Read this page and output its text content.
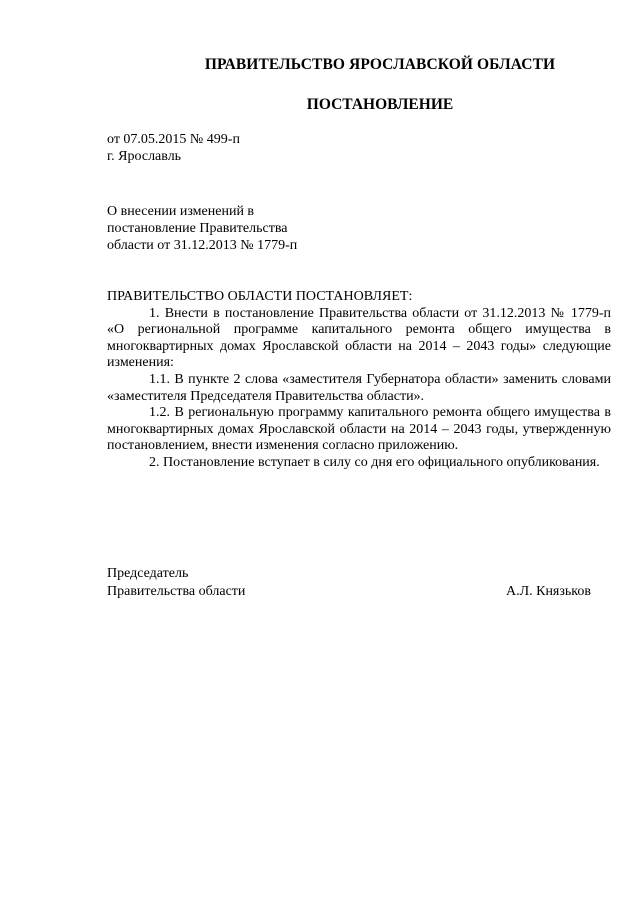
ПРАВИТЕЛЬСТВО ЯРОСЛАВСКОЙ ОБЛАСТИ
ПОСТАНОВЛЕНИЕ
от 07.05.2015 № 499-п
г. Ярославль
О внесении изменений в
постановление Правительства
области от 31.12.2013 № 1779-п

ПРАВИТЕЛЬСТВО ОБЛАСТИ ПОСТАНОВЛЯЕТ:

1. Внести в постановление Правительства области от 31.12.2013 № 1779-п «О региональной программе капитального ремонта общего имущества в многоквартирных домах Ярославской области на 2014 – 2043 годы» следующие изменения:

1.1. В пункте 2 слова «заместителя Губернатора области» заменить словами «заместителя Председателя Правительства области».

1.2. В региональную программу капитального ремонта общего имущества в многоквартирных домах Ярославской области на 2014 – 2043 годы, утвержденную постановлением, внести изменения согласно приложению.

2. Постановление вступает в силу со дня его официального опубликования.

Председатель
Правительства области	А.Л. Князьков
